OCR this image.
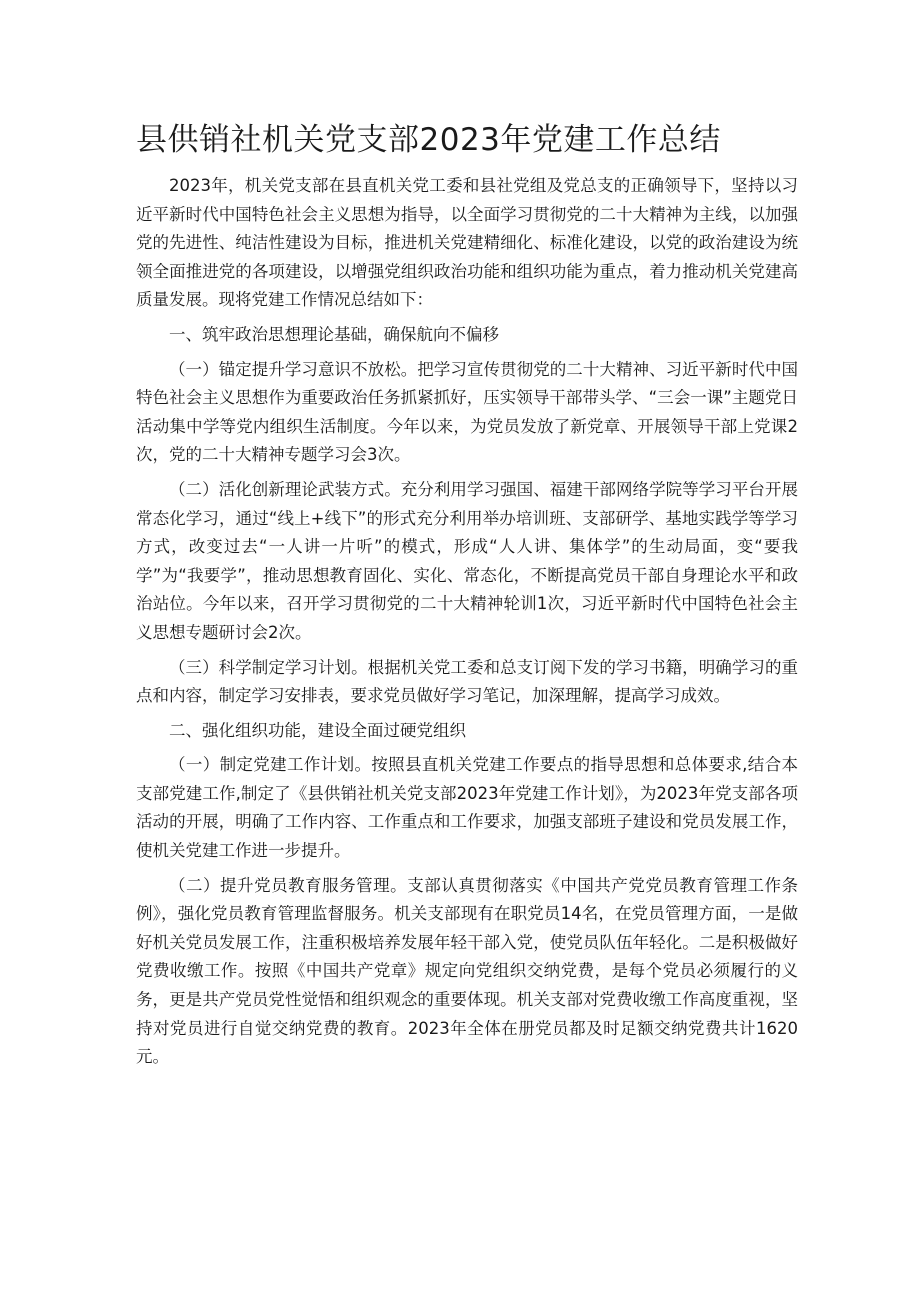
县供销社机关党支部2023年党建工作总结

2023年，机关党支部在县直机关党工委和县社党组及党总支的正确领导下，坚持以习近平新时代中国特色社会主义思想为指导，以全面学习贯彻党的二十大精神为主线，以加强党的先进性、纯洁性建设为目标，推进机关党建精细化、标准化建设，以党的政治建设为统领全面推进党的各项建设，以增强党组织政治功能和组织功能为重点，着力推动机关党建高质量发展。现将党建工作情况总结如下：

一、筑牢政治思想理论基础，确保航向不偏移

（一）锚定提升学习意识不放松。把学习宣传贯彻党的二十大精神、习近平新时代中国特色社会主义思想作为重要政治任务抓紧抓好，压实领导干部带头学、“三会一课”主题党日活动集中学等党内组织生活制度。今年以来，为党员发放了新党章、开展领导干部上党课2次，党的二十大精神专题学习会3次。

（二）活化创新理论武装方式。充分利用学习强国、福建干部网络学院等学习平台开展常态化学习，通过“线上+线下”的形式充分利用举办培训班、支部研学、基地实践学等学习方式，改变过去“一人讲一片听”的模式，形成“人人讲、集体学”的生动局面，变“要我学”为“我要学”，推动思想教育固化、实化、常态化，不断提高党员干部自身理论水平和政治站位。今年以来，召开学习贯彻党的二十大精神轮训1次，习近平新时代中国特色社会主义思想专题研讨会2次。

（三）科学制定学习计划。根据机关党工委和总支订阅下发的学习书籍，明确学习的重点和内容，制定学习安排表，要求党员做好学习笔记，加深理解，提高学习成效。

二、强化组织功能，建设全面过硬党组织

（一）制定党建工作计划。按照县直机关党建工作要点的指导思想和总体要求,结合本支部党建工作,制定了《县供销社机关党支部2023年党建工作计划》，为2023年党支部各项活动的开展，明确了工作内容、工作重点和工作要求，加强支部班子建设和党员发展工作，使机关党建工作进一步提升。

（二）提升党员教育服务管理。支部认真贯彻落实《中国共产党党员教育管理工作条例》，强化党员教育管理监督服务。机关支部现有在职党员14名，在党员管理方面，一是做好机关党员发展工作，注重积极培养发展年轻干部入党，使党员队伍年轻化。二是积极做好党费收缴工作。按照《中国共产党章》规定向党组织交纳党费，是每个党员必须履行的义务，更是共产党员党性觉悟和组织观念的重要体现。机关支部对党费收缴工作高度重视，坚持对党员进行自觉交纳党费的教育。2023年全体在册党员都及时足额交纳党费共计1620元。
